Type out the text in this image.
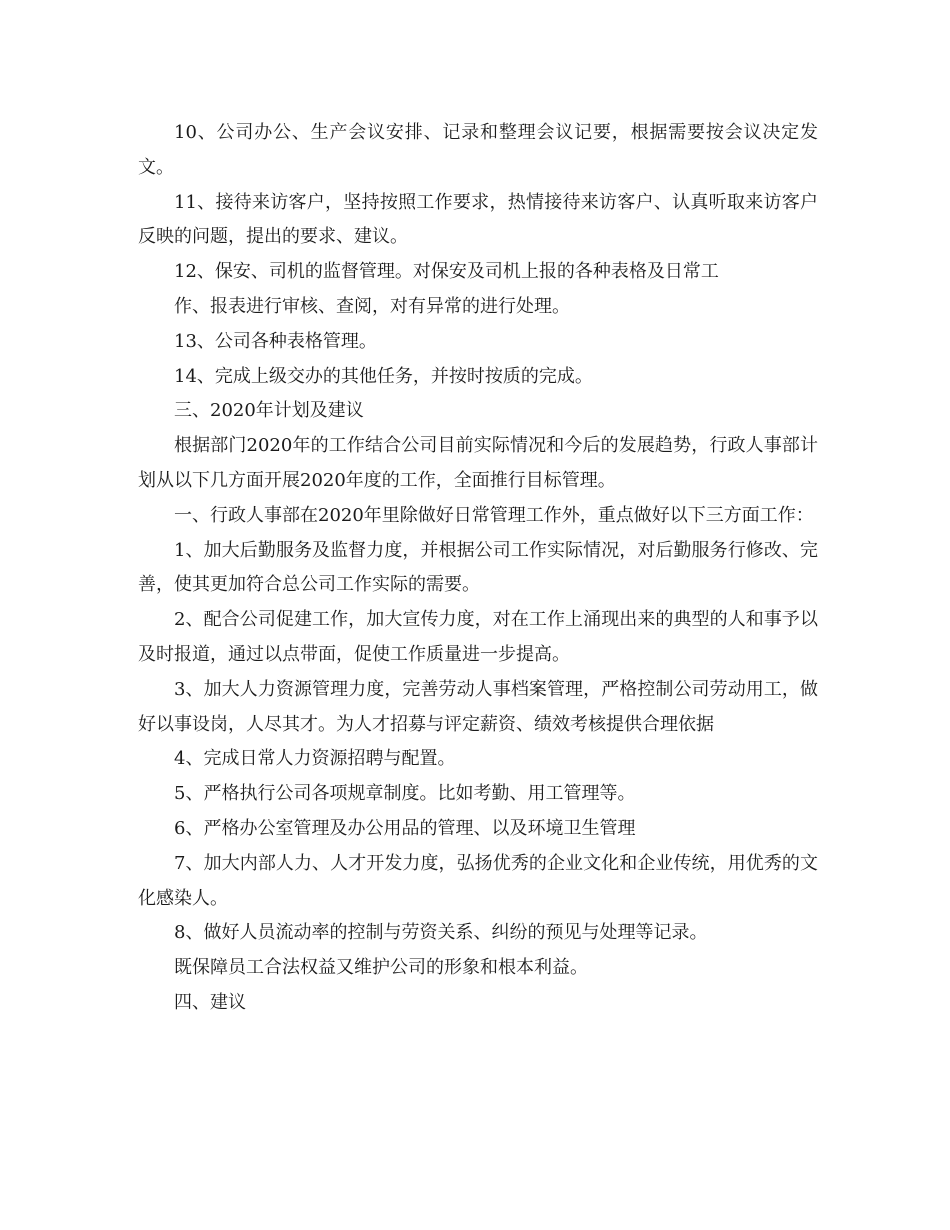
10、公司办公、生产会议安排、记录和整理会议记要，根据需要按会议决定发文。

11、接待来访客户，坚持按照工作要求，热情接待来访客户、认真听取来访客户反映的问题，提出的要求、建议。

12、保安、司机的监督管理。对保安及司机上报的各种表格及日常工

作、报表进行审核、查阅，对有异常的进行处理。

13、公司各种表格管理。

14、完成上级交办的其他任务，并按时按质的完成。

三、2020年计划及建议

根据部门2020年的工作结合公司目前实际情况和今后的发展趋势，行政人事部计划从以下几方面开展2020年度的工作，全面推行目标管理。

一、行政人事部在2020年里除做好日常管理工作外，重点做好以下三方面工作：

1、加大后勤服务及监督力度，并根据公司工作实际情况，对后勤服务行修改、完善，使其更加符合总公司工作实际的需要。

2、配合公司促建工作，加大宣传力度，对在工作上涌现出来的典型的人和事予以及时报道，通过以点带面，促使工作质量进一步提高。

3、加大人力资源管理力度，完善劳动人事档案管理，严格控制公司劳动用工，做好以事设岗，人尽其才。为人才招募与评定薪资、绩效考核提供合理依据

4、完成日常人力资源招聘与配置。

5、严格执行公司各项规章制度。比如考勤、用工管理等。

6、严格办公室管理及办公用品的管理、以及环境卫生管理

7、加大内部人力、人才开发力度，弘扬优秀的企业文化和企业传统，用优秀的文化感染人。

8、做好人员流动率的控制与劳资关系、纠纷的预见与处理等记录。

既保障员工合法权益又维护公司的形象和根本利益。

四、建议
